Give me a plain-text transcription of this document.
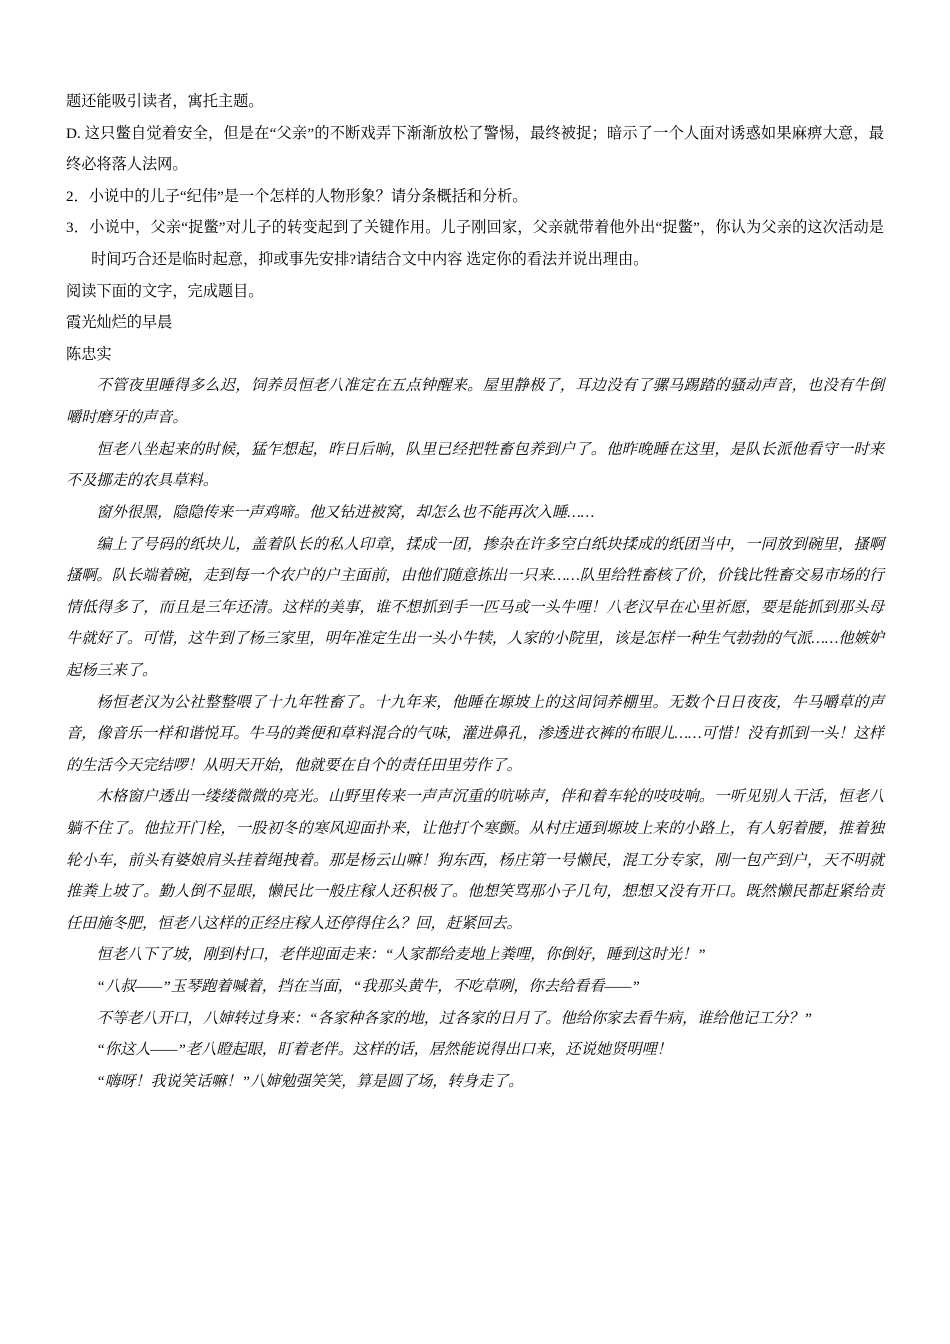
题还能吸引读者，寓托主题。

D. 这只鳖自觉着安全，但是在“父亲”的不断戏弄下渐渐放松了警惕，最终被捉；暗示了一个人面对诱惑如果麻痹大意，最终必将落人法网。

2．小说中的儿子“纪伟”是一个怎样的人物形象？请分条概括和分析。

3．小说中，父亲“捉鳖”对儿子的转变起到了关键作用。儿子刚回家，父亲就带着他外出“捉鳖”，你认为父亲的这次活动是时间巧合还是临时起意，抑或事先安排?请结合文中内容 选定你的看法并说出理由。

阅读下面的文字，完成题目。

霞光灿烂的早晨

陈忠实

不管夜里睡得多么迟，饲养员恒老八准定在五点钟醒来。屋里静极了，耳边没有了骡马踢踏的骚动声音，也没有牛倒嚼时磨牙的声音。

恒老八坐起来的时候，猛乍想起，昨日后晌，队里已经把牲畜包养到户了。他昨晚睡在这里，是队长派他看守一时来不及挪走的农具草料。

窗外很黑，隐隐传来一声鸡啼。他又钻进被窝，却怎么也不能再次入睡……

编上了号码的纸块儿，盖着队长的私人印章，揉成一团，掺杂在许多空白纸块揉成的纸团当中，一同放到碗里，搔啊搔啊。队长端着碗，走到每一个农户的户主面前，由他们随意拣出一只来……队里给牲畜核了价，价钱比牲畜交易市场的行情低得多了，而且是三年还清。这样的美事，谁不想抓到手一匹马或一头牛哩！八老汉早在心里祈愿，要是能抓到那头母牛就好了。可惜，这牛到了杨三家里，明年准定生出一头小牛犊，人家的小院里，该是怎样一种生气勃勃的气派……他嫉妒起杨三来了。

杨恒老汉为公社整整喂了十九年牲畜了。十九年来，他睡在塬坡上的这间饲养棚里。无数个日日夜夜，牛马嚼草的声音，像音乐一样和谐悦耳。牛马的粪便和草料混合的气味，灌进鼻孔，渗透进衣裤的布眼儿……可惜！没有抓到一头！这样的生活今天完结啰！从明天开始，他就要在自个的责任田里劳作了。

木格窗户透出一缕缕微微的亮光。山野里传来一声声沉重的吭哧声，伴和着车轮的吱吱响。一听见别人干活，恒老八躺不住了。他拉开门栓，一股初冬的寒风迎面扑来，让他打个寒颤。从村庄通到塬坡上来的小路上，有人躬着腰，推着独轮小车，前头有婆娘肩头挂着绳拽着。那是杨云山嘛！狗东西，杨庄第一号懒民，混工分专家，刚一包产到户，天不明就推粪上坡了。勤人倒不显眼，懒民比一般庄稼人还积极了。他想笑骂那小子几句，想想又没有开口。既然懒民都赶紧给责任田施冬肥，恒老八这样的正经庄稼人还停得住么？回，赶紧回去。

恒老八下了坡，刚到村口，老伴迎面走来：“人家都给麦地上粪哩，你倒好，睡到这时光！”

“八叔——”玉琴跑着喊着，挡在当面，“我那头黄牛，不吃草咧，你去给看看——”

不等老八开口，八婶转过身来：“各家种各家的地，过各家的日月了。他给你家去看牛病，谁给他记工分？”

“你这人——”老八瞪起眼，盯着老伴。这样的话，居然能说得出口来，还说她贤明哩！

“嗨呀！我说笑话嘛！”八婶勉强笑笑，算是圆了场，转身走了。
